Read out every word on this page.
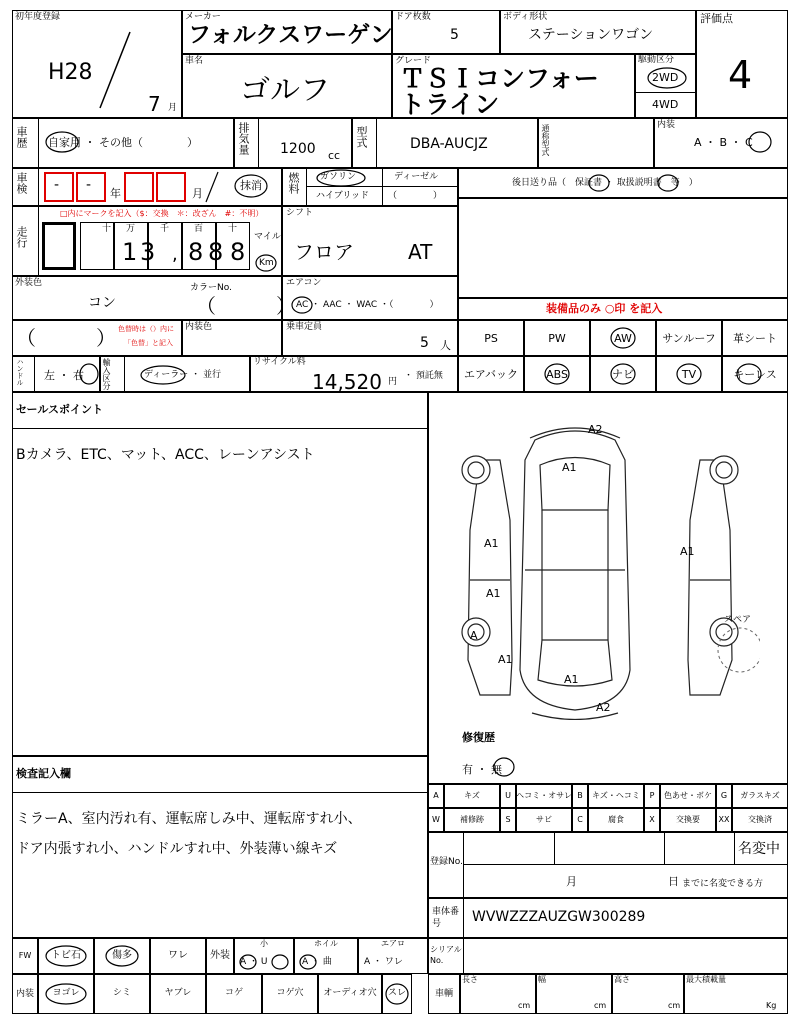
初年度登録
H28
7 月
メーカー
フォルクスワーゲン
ドア枚数
5
ボディ形状
ステーションワゴン
評価点
4
車名
ゴルフ
グレード
ＴＳＩコンフォー
トライン
駆動区分
2WD
4WD
車歴 自家用 ・ その他（　　　　）	排気量 1200 cc
型式	DBA-AUCJZ	通称型式	内装
A ・ B ・ C
車検 - -
年	月
抹消 燃料 ガソリン	ディーゼル
ハイブリッド （　　　　）
後日送り品（　保証書 ・ 取扱説明書　等　）
走行
□内にマークを記入（$：交換　＊：改ざん　#：不明）
万	千	百	十
十
1 3 , 8 8 8
マイル
Km
シフト
フロア	AT
外装色
コン
カラーNo.
（　　　）
（　　　） 色替時は（）内に
「色替」と記入
内装色
エアコン
AC ・ AAC ・ WAC ・（　　　　）
乗車定員
5 人
装備品のみ ○印 を記入
PS	PW	AW	サンルーフ	革シート
エアバック	ABS	ナビ	TV	キーレス
ハンドル 左 ・ 右 輸入区分	ディーラー ・ 並行
リサイクル料
14,520 円
・ 預託無
セールスポイント
Bカメラ、ETC、マット、ACC、レーンアシスト
スペア
A2
A1
A1
A1
A1
A
A1
A1
A2
修復歴
有 ・ 無
A	キズ	U ヘコミ・オサレ B	キズ・ヘコミ	P	色あせ・ボケ	G	ガラスキズ
W	補修跡	S	サビ	C	腐食	X	交換要	XX	交換済
検査記入欄
ミラーA、室内汚れ有、運転席しみ中、運転席すれ小、
ドア内張すれ小、ハンドルすれ中、外装薄い線キズ
登録No.
名変中
月	日 までに名変できる方
車体番号	WVWZZZAUZGW300289
シリアルNo.
FW	トビ石	傷多	ワレ	外装
小
A ・ U
ホイル
A ・ 曲
エアロ
A ・ ワレ
内装	ヨゴレ	シミ	ヤブレ	コゲ	コゲ穴	オーディオ穴	スレ	車輌
長さ
cm
幅
cm
高さ
cm
最大積載量
Kg
